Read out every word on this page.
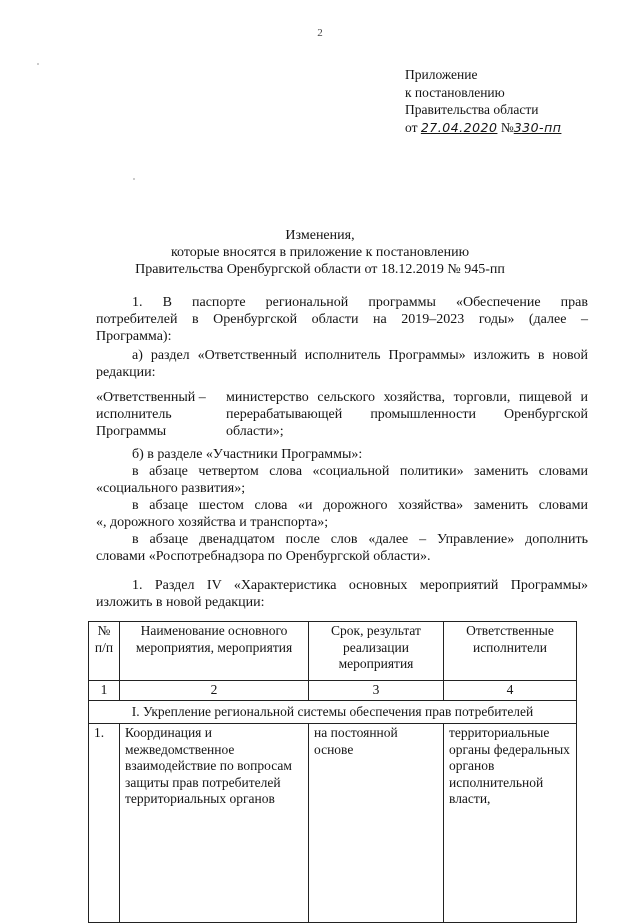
2
Приложение
к постановлению
Правительства области
от 27.04.2020 №330-пп
Изменения,
которые вносятся в приложение к постановлению
Правительства Оренбургской области от 18.12.2019 № 945-пп
1. В паспорте региональной программы «Обеспечение прав
потребителей в Оренбургской области на 2019–2023 годы» (далее –
Программа):
а) раздел «Ответственный исполнитель Программы» изложить в новой
редакции:
«Ответственный –
исполнитель
Программы
министерство сельского хозяйства, торговли, пищевой и
перерабатывающей промышленности Оренбургской
области»;
б) в разделе «Участники Программы»:
в абзаце четвертом слова «социальной политики» заменить словами
«социального развития»;
в абзаце шестом слова «и дорожного хозяйства» заменить словами
«, дорожного хозяйства и транспорта»;
в абзаце двенадцатом после слов «далее – Управление» дополнить
словами «Роспотребнадзора по Оренбургской области».
1. Раздел IV «Характеристика основных мероприятий Программы»
изложить в новой редакции:
№ п/п	Наименование основного мероприятия, мероприятия	Срок, результат реализации мероприятия	Ответственные исполнители
1	2	3	4
I. Укрепление региональной системы обеспечения прав потребителей			
1.	Координация и межведомственное взаимодействие по вопросам защиты прав потребителей территориальных органов	на постоянной основе	территориальные органы федеральных органов исполнительной власти,
